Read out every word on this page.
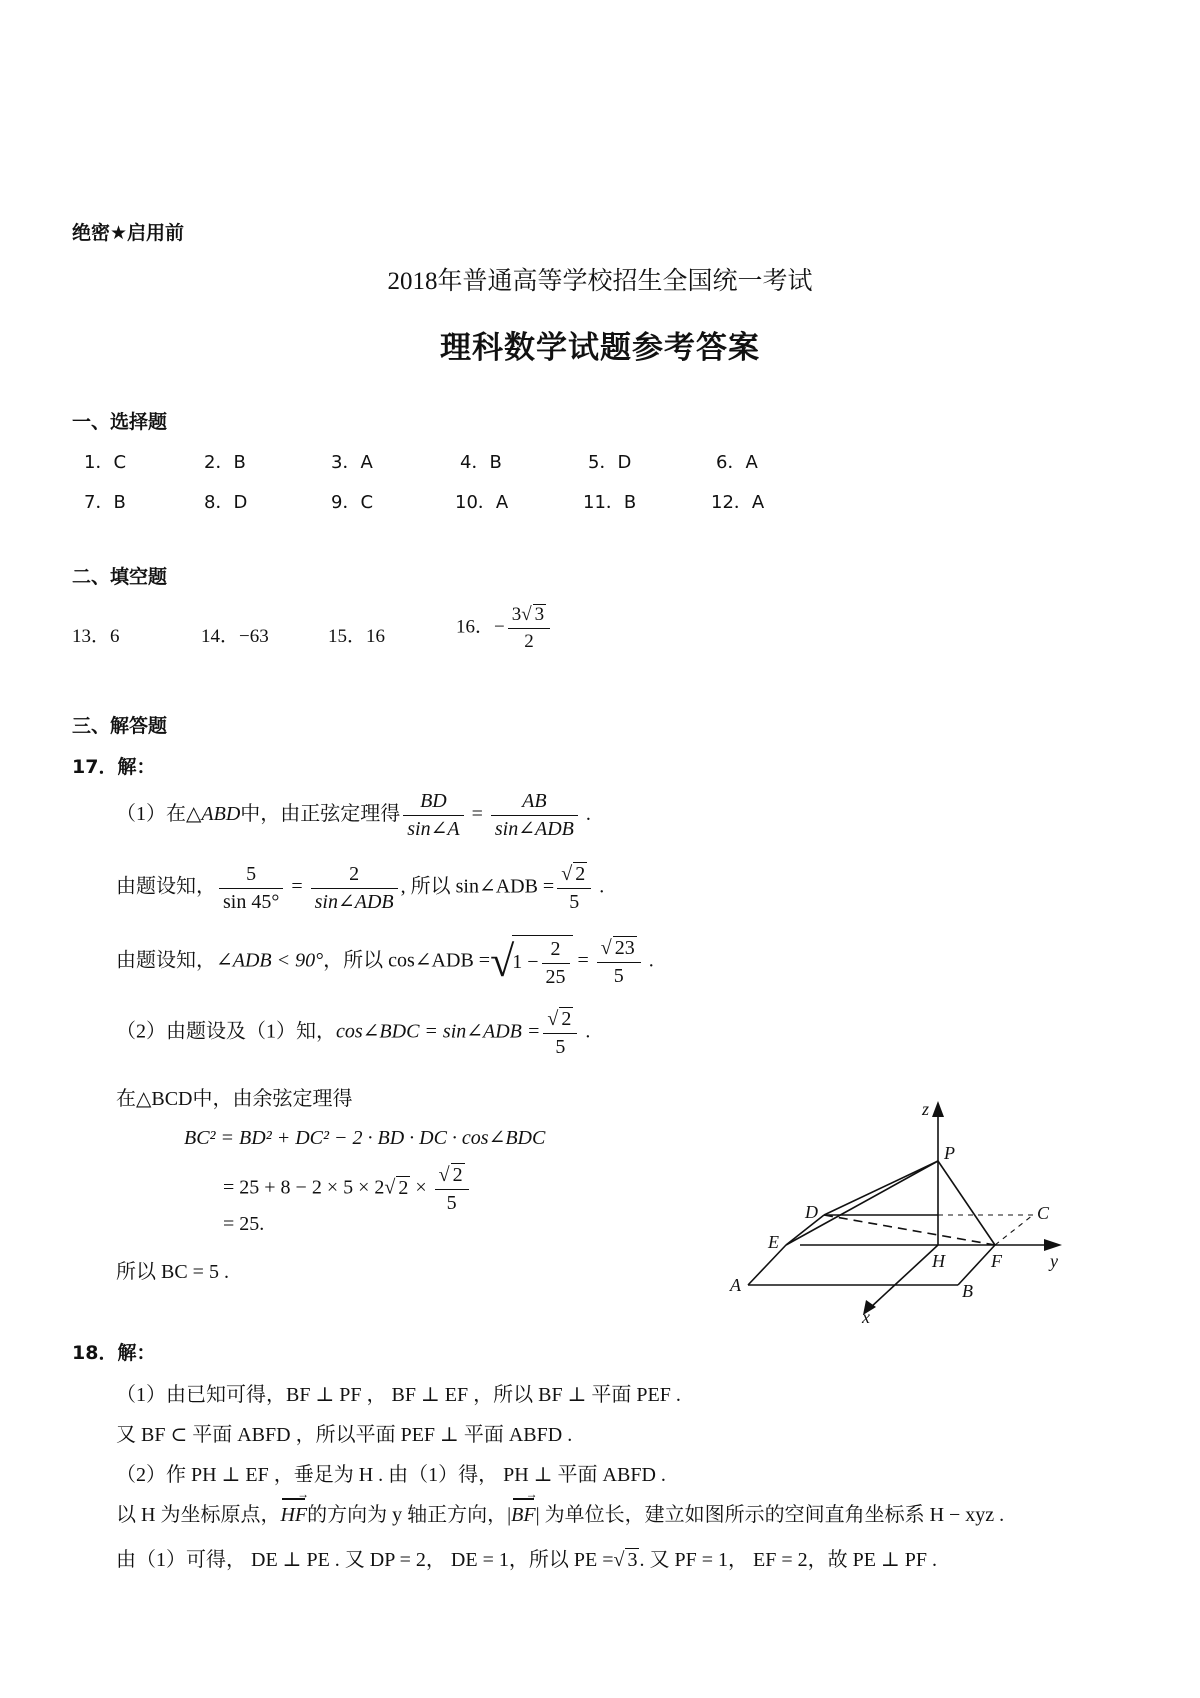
绝密★启用前
2018年普通高等学校招生全国统一考试
理科数学试题参考答案
一、选择题
1．C	2．B	3．A	4．B	5．D	6．A
7．B	8．D	9．C	10．A	11．B	12．A
二、填空题
13．6	14．−63	15．16	16．− $\frac{3√ 3}{2}$
三、解答题
17．解：
（1）在△ABD中，由正弦定理得 $\frac{BD}{\sin\angle A} = \frac{AB}{\text{sin∠ADB}}$ .
由题设知， $\frac{5}{\sin 45^\circ} = \frac{2}{\text{sin∠ADB}}$ , 所以 sin∠ADB = $\frac{√ 2}{5}$ .
由题设知，∠ADB < 90°，所以 cos∠ADB $=√1 - \frac{2}{25} = \frac{√ 23}{5}$ .
（2）由题设及（1）知，cos∠BDC = sin∠ADB = $\frac{√ 2}{5}$ .
在△BCD中，由余弦定理得
BC² = BD² + DC² − 2 · BD · DC · cos∠BDC
= 25 + 8 − 2 × 5 × 2√ $2 \times \frac{√ 2}{5}$
= 25.
所以 BC = 5 .
z
P
D	C
E
H	F	y
A	B
x
18．解：
（1）由已知可得，BF ⊥ PF ， BF ⊥ EF ，所以 BF ⊥ 平面 PEF .
又 BF ⊂ 平面 ABFD ，所以平面 PEF ⊥ 平面 ABFD .
（2）作 PH ⊥ EF ，垂足为 H . 由（1）得， PH ⊥ 平面 ABFD .
以 H 为坐标原点，HF →的方向为 y 轴正方向，|BF →| 为单位长，建立如图所示的空间直角坐标系 H − xyz .
由（1）可得， DE ⊥ PE . 又 DP = 2， DE = 1，所以 PE =√ 3 . 又 PF = 1， EF = 2，故 PE ⊥ PF .
